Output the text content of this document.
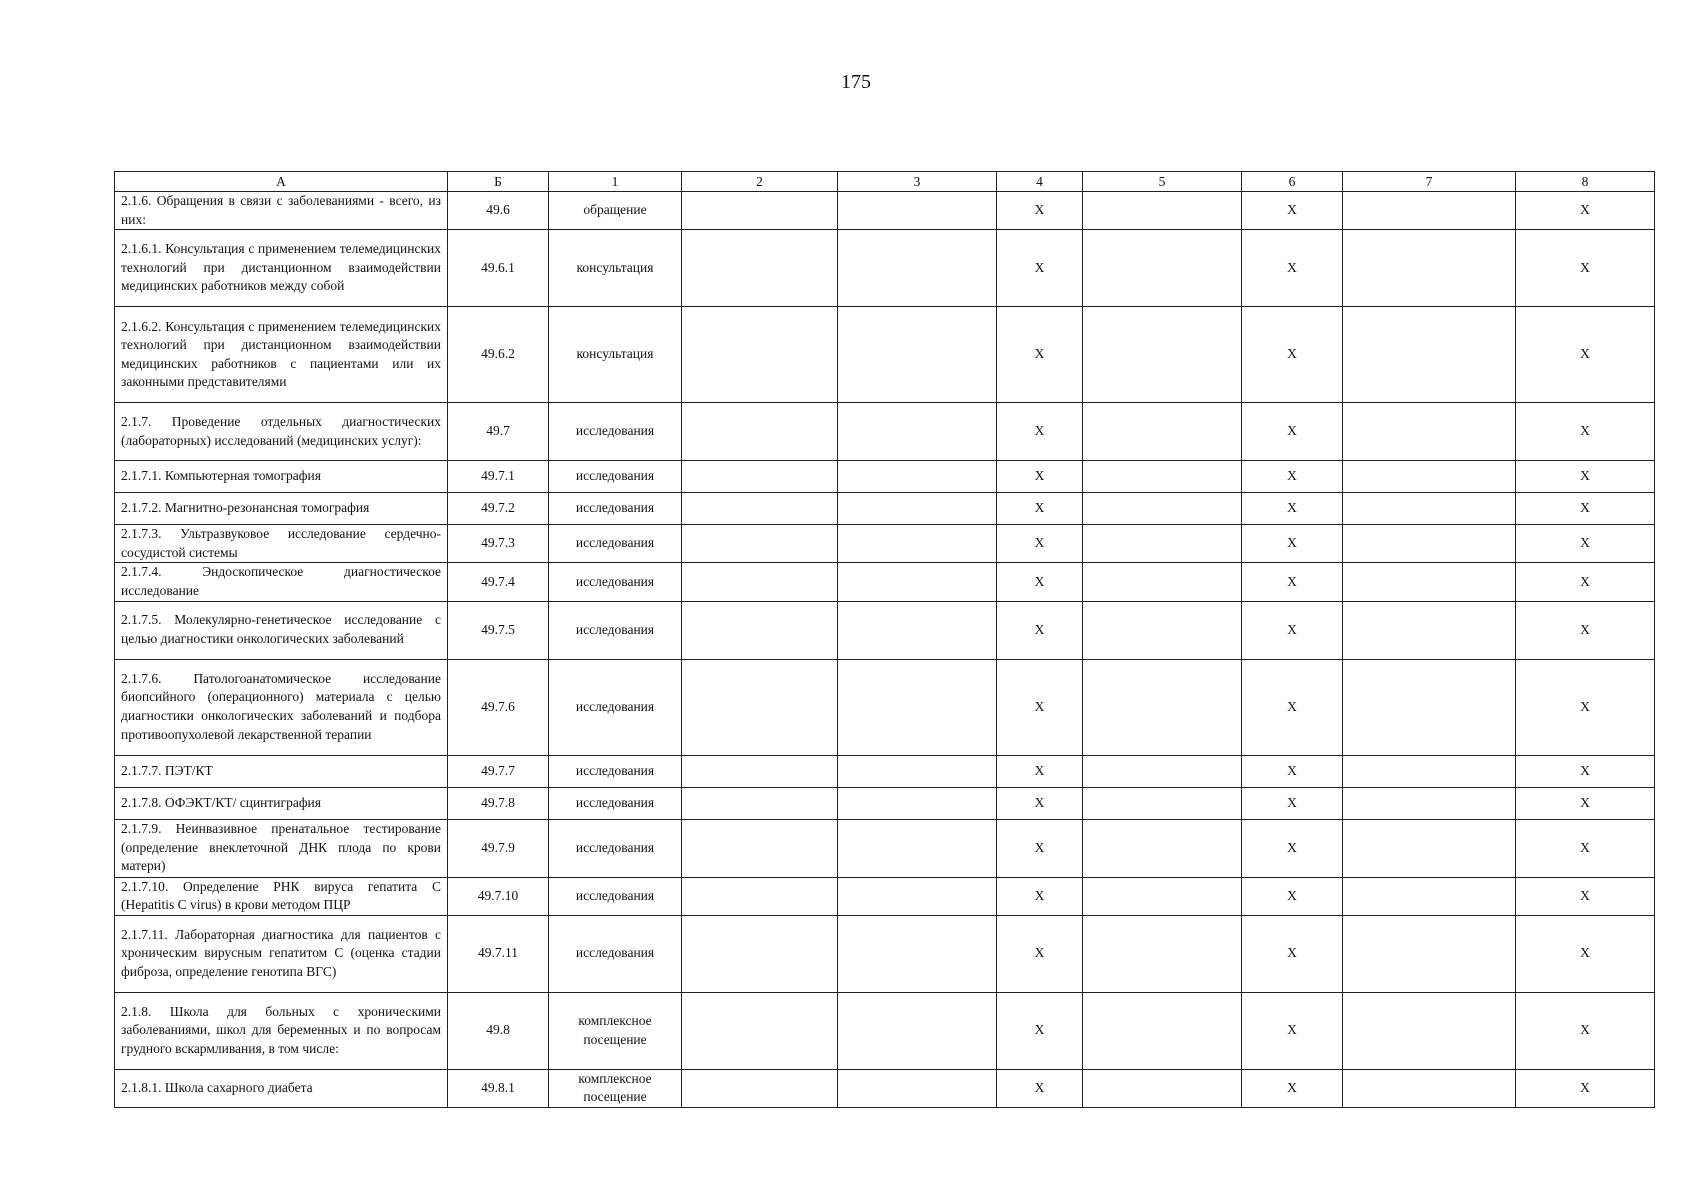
175
А	Б	1	2	3	4	5	6	7	8
2.1.6. Обращения в связи с заболеваниями - всего, из них:	49.6	обращение			X		X		X
2.1.6.1. Консультация с применением телемедицинских технологий при дистанционном взаимодействии медицинских работников между собой	49.6.1	консультация			X		X		X
2.1.6.2. Консультация с применением телемедицинских технологий при дистанционном взаимодействии медицинских работников с пациентами или их законными представителями	49.6.2	консультация			X		X		X
2.1.7. Проведение отдельных диагностических (лабораторных) исследований (медицинских услуг):	49.7	исследования			X		X		X
2.1.7.1. Компьютерная томография	49.7.1	исследования			X		X		X
2.1.7.2. Магнитно-резонансная томография	49.7.2	исследования			X		X		X
2.1.7.3. Ультразвуковое исследование сердечно-сосудистой системы	49.7.3	исследования			X		X		X
2.1.7.4. Эндоскопическое диагностическое исследование	49.7.4	исследования			X		X		X
2.1.7.5. Молекулярно-генетическое исследование с целью диагностики онкологических заболеваний	49.7.5	исследования			X		X		X
2.1.7.6. Патологоанатомическое исследование биопсийного (операционного) материала с целью диагностики онкологических заболеваний и подбора противоопухолевой лекарственной терапии	49.7.6	исследования			X		X		X
2.1.7.7. ПЭТ/КТ	49.7.7	исследования			X		X		X
2.1.7.8. ОФЭКТ/КТ/ сцинтиграфия	49.7.8	исследования			X		X		X
2.1.7.9. Неинвазивное пренатальное тестирование (определение внеклеточной ДНК плода по крови матери)	49.7.9	исследования			X		X		X
2.1.7.10. Определение РНК вируса гепатита C (Hepatitis C virus) в крови методом ПЦР	49.7.10	исследования			X		X		X
2.1.7.11. Лабораторная диагностика для пациентов с хроническим вирусным гепатитом C (оценка стадии фиброза, определение генотипа ВГС)	49.7.11	исследования			X		X		X
2.1.8. Школа для больных с хроническими заболеваниями, школ для беременных и по вопросам грудного вскармливания, в том числе:	49.8	комплексное посещение			X		X		X
2.1.8.1. Школа сахарного диабета	49.8.1	комплексное посещение			X		X		X
